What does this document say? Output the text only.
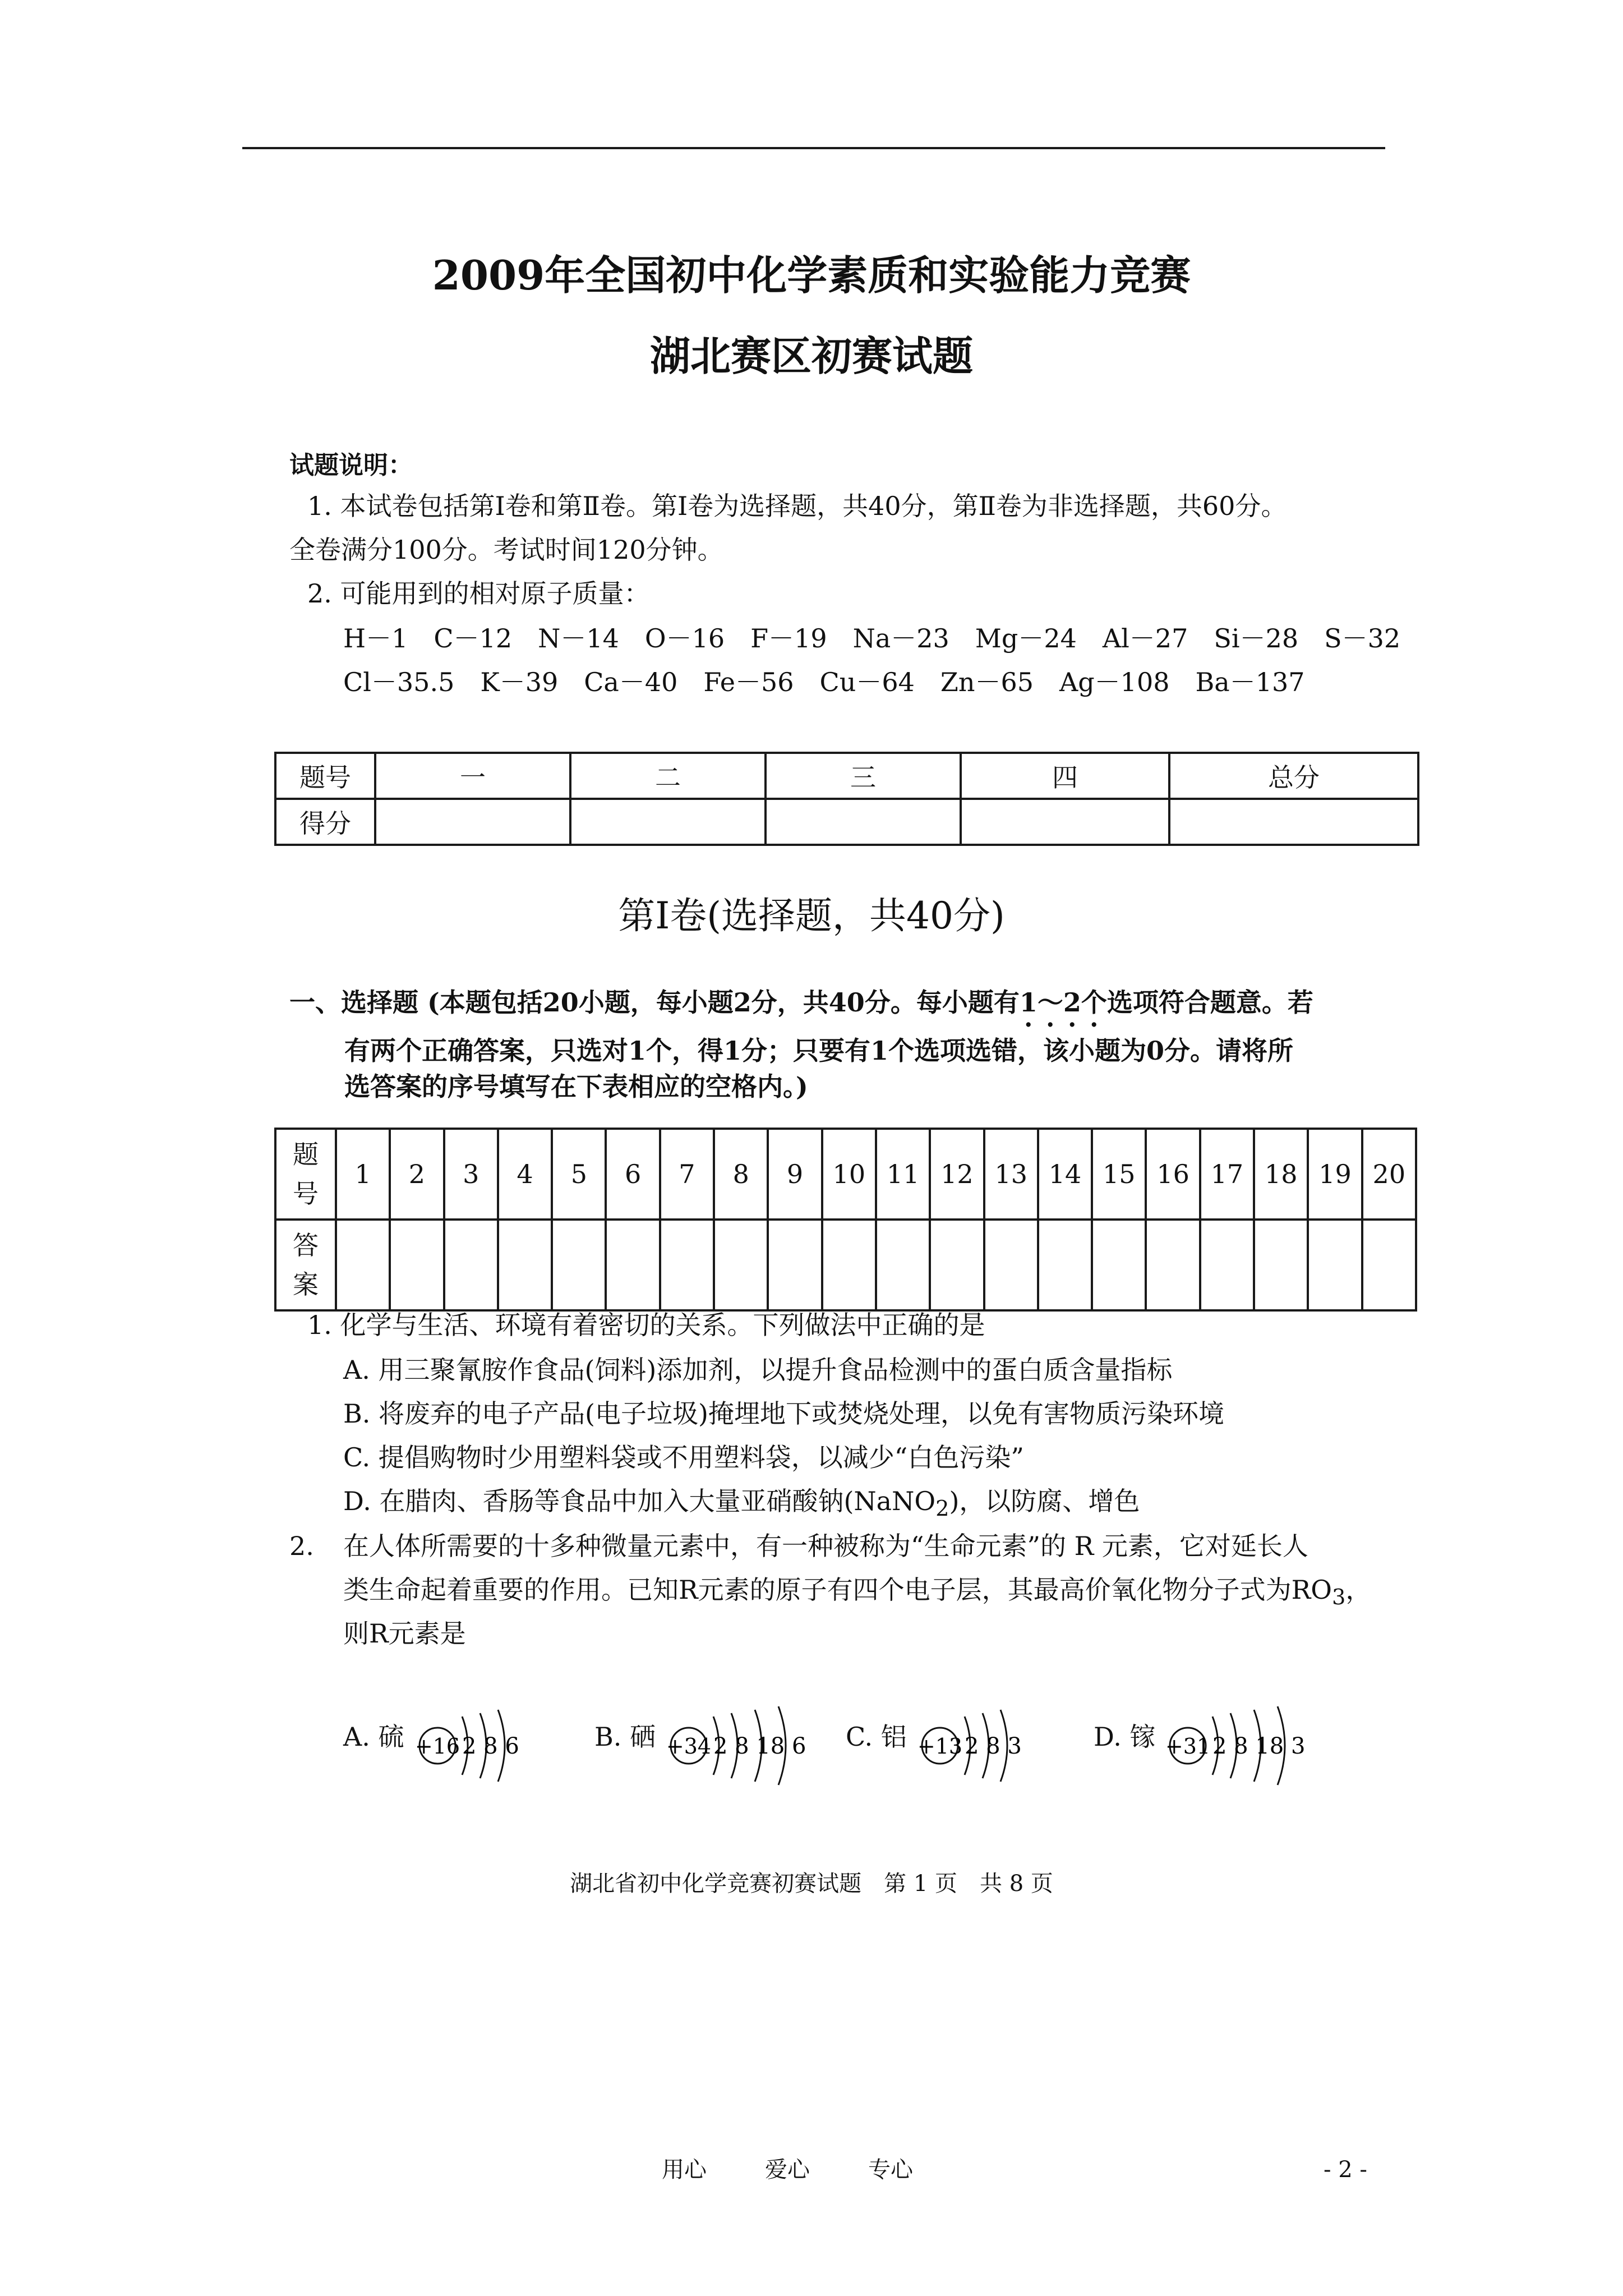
2009年全国初中化学素质和实验能力竞赛
湖北赛区初赛试题
试题说明：
1. 本试卷包括第Ⅰ卷和第Ⅱ卷。第Ⅰ卷为选择题，共40分，第Ⅱ卷为非选择题，共60分。
全卷满分100分。考试时间120分钟。
2. 可能用到的相对原子质量：
H－1　C－12　N－14　O－16　F－19　Na－23　Mg－24　Al－27　Si－28　S－32
Cl－35.5　K－39　Ca－40　Fe－56　Cu－64　Zn－65　Ag－108　Ba－137
题号	一	二	三	四	总分
得分					
第Ⅰ卷(选择题，共40分)
一、选择题 (本题包括20小题，每小题2分，共40分。每小题有1～2个选项符合题意。若
有两个正确答案，只选对1个，得1分；只要有1个选项选错，该小题为0分。请将所
选答案的序号填写在下表相应的空格内。)
题号	1	2	3	4	5	6	7	8	9	10	11	12	13	14	15	16	17	18	19	20
答案																				
1. 化学与生活、环境有着密切的关系。下列做法中正确的是
A. 用三聚氰胺作食品(饲料)添加剂，以提升食品检测中的蛋白质含量指标
B. 将废弃的电子产品(电子垃圾)掩埋地下或焚烧处理，以免有害物质污染环境
C. 提倡购物时少用塑料袋或不用塑料袋，以减少“白色污染”
D. 在腊肉、香肠等食品中加入大量亚硝酸钠(NaNO$_2$)，以防腐、增色
2. 在人体所需要的十多种微量元素中，有一种被称为“生命元素”的 R 元素，它对延长人
类生命起着重要的作用。已知R元素的原子有四个电子层，其最高价氧化物分子式为$RO_3$，
则R元素是
A. 硫 +16 2 8 6	B. 硒 +34 2 8 18 6 C. 铝 +13 2 8 3	D. 镓 +31 2 8 18 3
湖北省初中化学竞赛初赛试题　第 1 页　共 8 页
用心	爱心	专心	- 2 -
